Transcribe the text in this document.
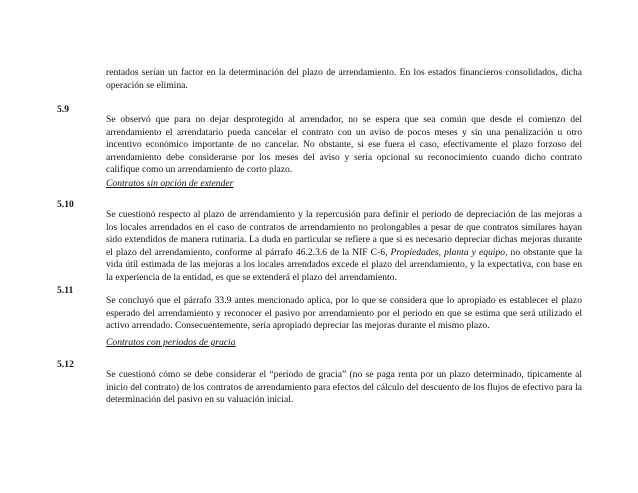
rentados serían un factor en la determinación del plazo de arrendamiento. En los estados financieros consolidados, dicha operación se elimina.

5.9

Se observó que para no dejar desprotegido al arrendador, no se espera que sea común que desde el comienzo del arrendamiento el arrendatario pueda cancelar el contrato con un aviso de pocos meses y sin una penalización u otro incentivo económico importante de no cancelar. No obstante, si ese fuera el caso, efectivamente el plazo forzoso del arrendamiento debe considerarse por los meses del aviso y sería opcional su reconocimiento cuando dicho contrato califique como un arrendamiento de corto plazo.

Contratos sin opción de extender

5.10

Se cuestionó respecto al plazo de arrendamiento y la repercusión para definir el periodo de depreciación de las mejoras a los locales arrendados en el caso de contratos de arrendamiento no prolongables a pesar de que contratos similares hayan sido extendidos de manera rutinaria. La duda en particular se refiere a que si es necesario depreciar dichas mejoras durante el plazo del arrendamiento, conforme al párrafo 46.2.3.6 de la NIF C-6, Propiedades, planta y equipo, no obstante que la vida útil estimada de las mejoras a los locales arrendados excede el plazo del arrendamiento, y la expectativa, con base en la experiencia de la entidad, es que se extenderá el plazo del arrendamiento.

5.11

Se concluyó que el párrafo 33.9 antes mencionado aplica, por lo que se considera que lo apropiado es establecer el plazo esperado del arrendamiento y reconocer el pasivo por arrendamiento por el periodo en que se estima que será utilizado el activo arrendado. Consecuentemente, sería apropiado depreciar las mejoras durante el mismo plazo.

Contratos con periodos de gracia

5.12

Se cuestionó cómo se debe considerar el “periodo de gracia” (no se paga renta por un plazo determinado, típicamente al inicio del contrato) de los contratos de arrendamiento para efectos del cálculo del descuento de los flujos de efectivo para la determinación del pasivo en su valuación inicial.
